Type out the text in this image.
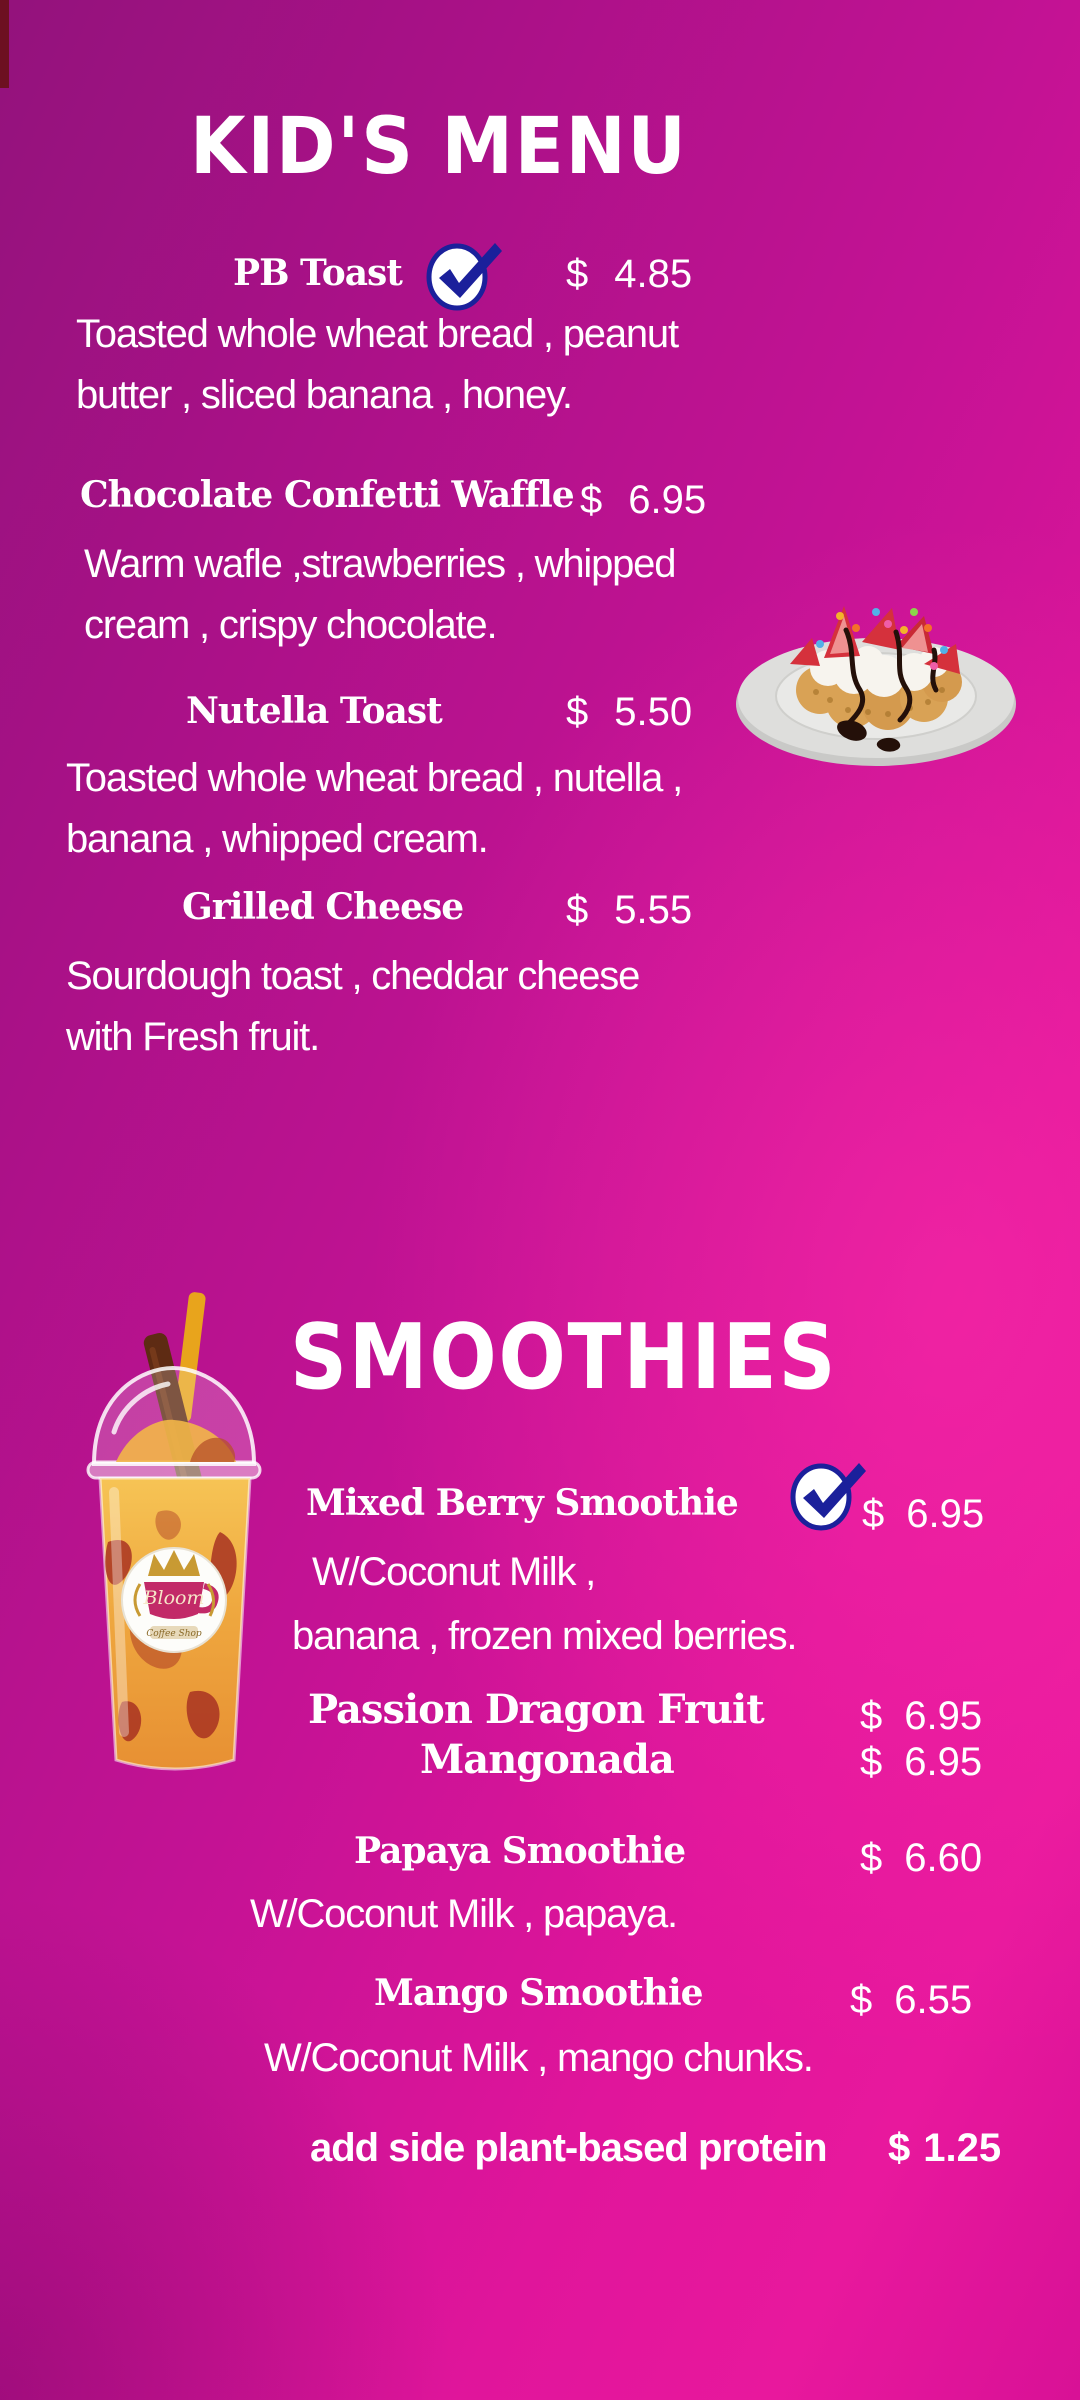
KID'S MENU
PB Toast	$ 4.85
Toasted whole wheat bread , peanut
butter , sliced banana , honey.
Chocolate Confetti Waffle $ 6.95
Warm wafle ,strawberries , whipped
cream , crispy chocolate.
Nutella Toast	$ 5.50
Toasted whole wheat bread , nutella ,
banana , whipped cream.
Grilled Cheese	$ 5.55
Sourdough toast , cheddar cheese
with Fresh fruit.
SMOOTHIES
Bloom
Coffee Shop
Mixed Berry Smoothie	$ 6.95
W/Coconut Milk ,
banana , frozen mixed berries.
Passion Dragon Fruit $ 6.95
Mangonada	$ 6.95
Papaya Smoothie	$ 6.60
W/Coconut Milk , papaya.
Mango Smoothie	$ 6.55
W/Coconut Milk , mango chunks.
add side plant-based protein $ 1.25
